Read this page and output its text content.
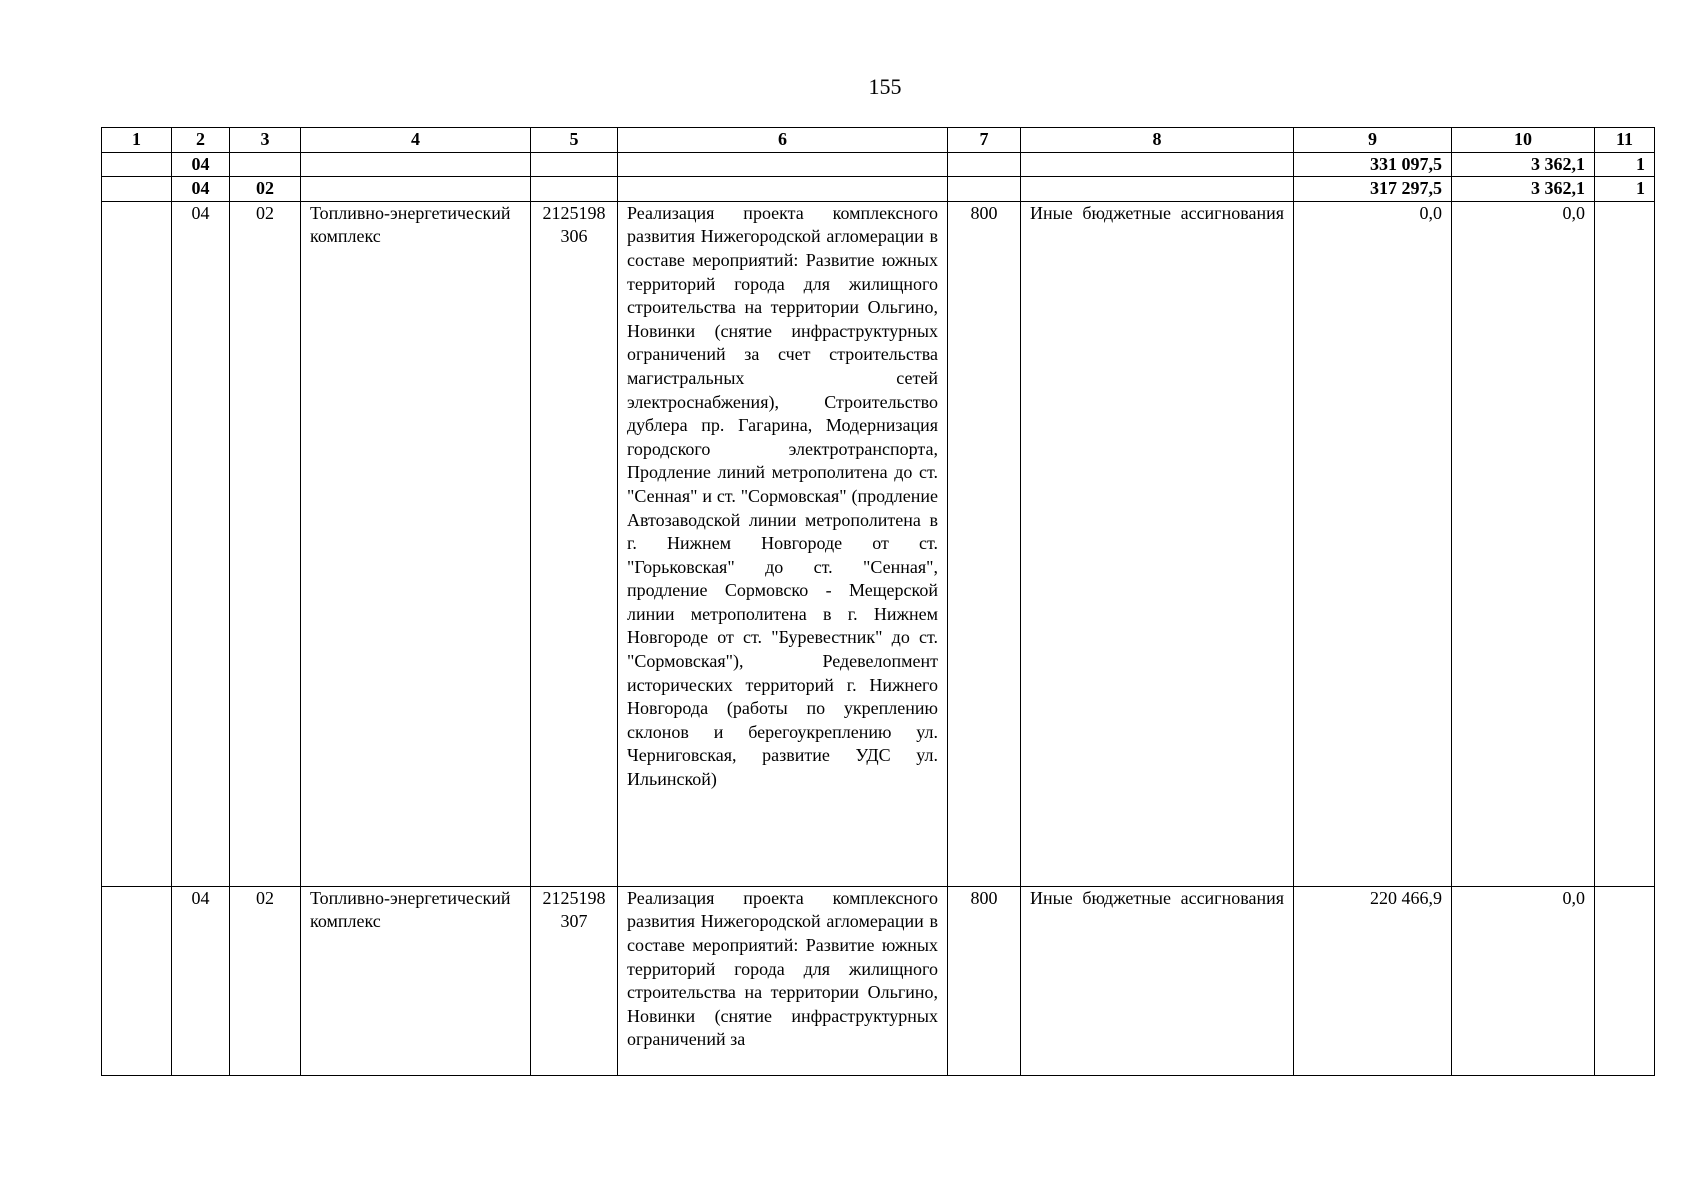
155
1	2	3	4	5	6	7	8	9	10	11
	04							331 097,5	3 362,1	1
	04	02						317 297,5	3 362,1	1
	04	02	Топливно-энергетический комплекс	2125198306	Реализация проекта комплексного развития Нижегородской агломерации в составе мероприятий: Развитие южных территорий города для жилищного строительства на территории Ольгино, Новинки (снятие инфраструктурных ограничений за счет строительства магистральных сетей электроснабжения), Строительство дублера пр. Гагарина, Модернизация городского электротранспорта, Продление линий метрополитена до ст. "Сенная" и ст. "Сормовская" (продление Автозаводской линии метрополитена в г. Нижнем Новгороде от ст. "Горьковская" до ст. "Сенная", продление Сормовско - Мещерской линии метрополитена в г. Нижнем Новгороде от ст. "Буревестник" до ст. "Сормовская"), Редевелопмент исторических территорий г. Нижнего Новгорода (работы по укреплению склонов и берегоукреплению ул. Черниговская, развитие УДС ул. Ильинской)	800	Иные бюджетные ассигнования	0,0	0,0	
	04	02	Топливно-энергетический комплекс	2125198307	Реализация проекта комплексного развития Нижегородской агломерации в составе мероприятий: Развитие южных территорий города для жилищного строительства на территории Ольгино, Новинки (снятие инфраструктурных ограничений за	800	Иные бюджетные ассигнования	220 466,9	0,0	
